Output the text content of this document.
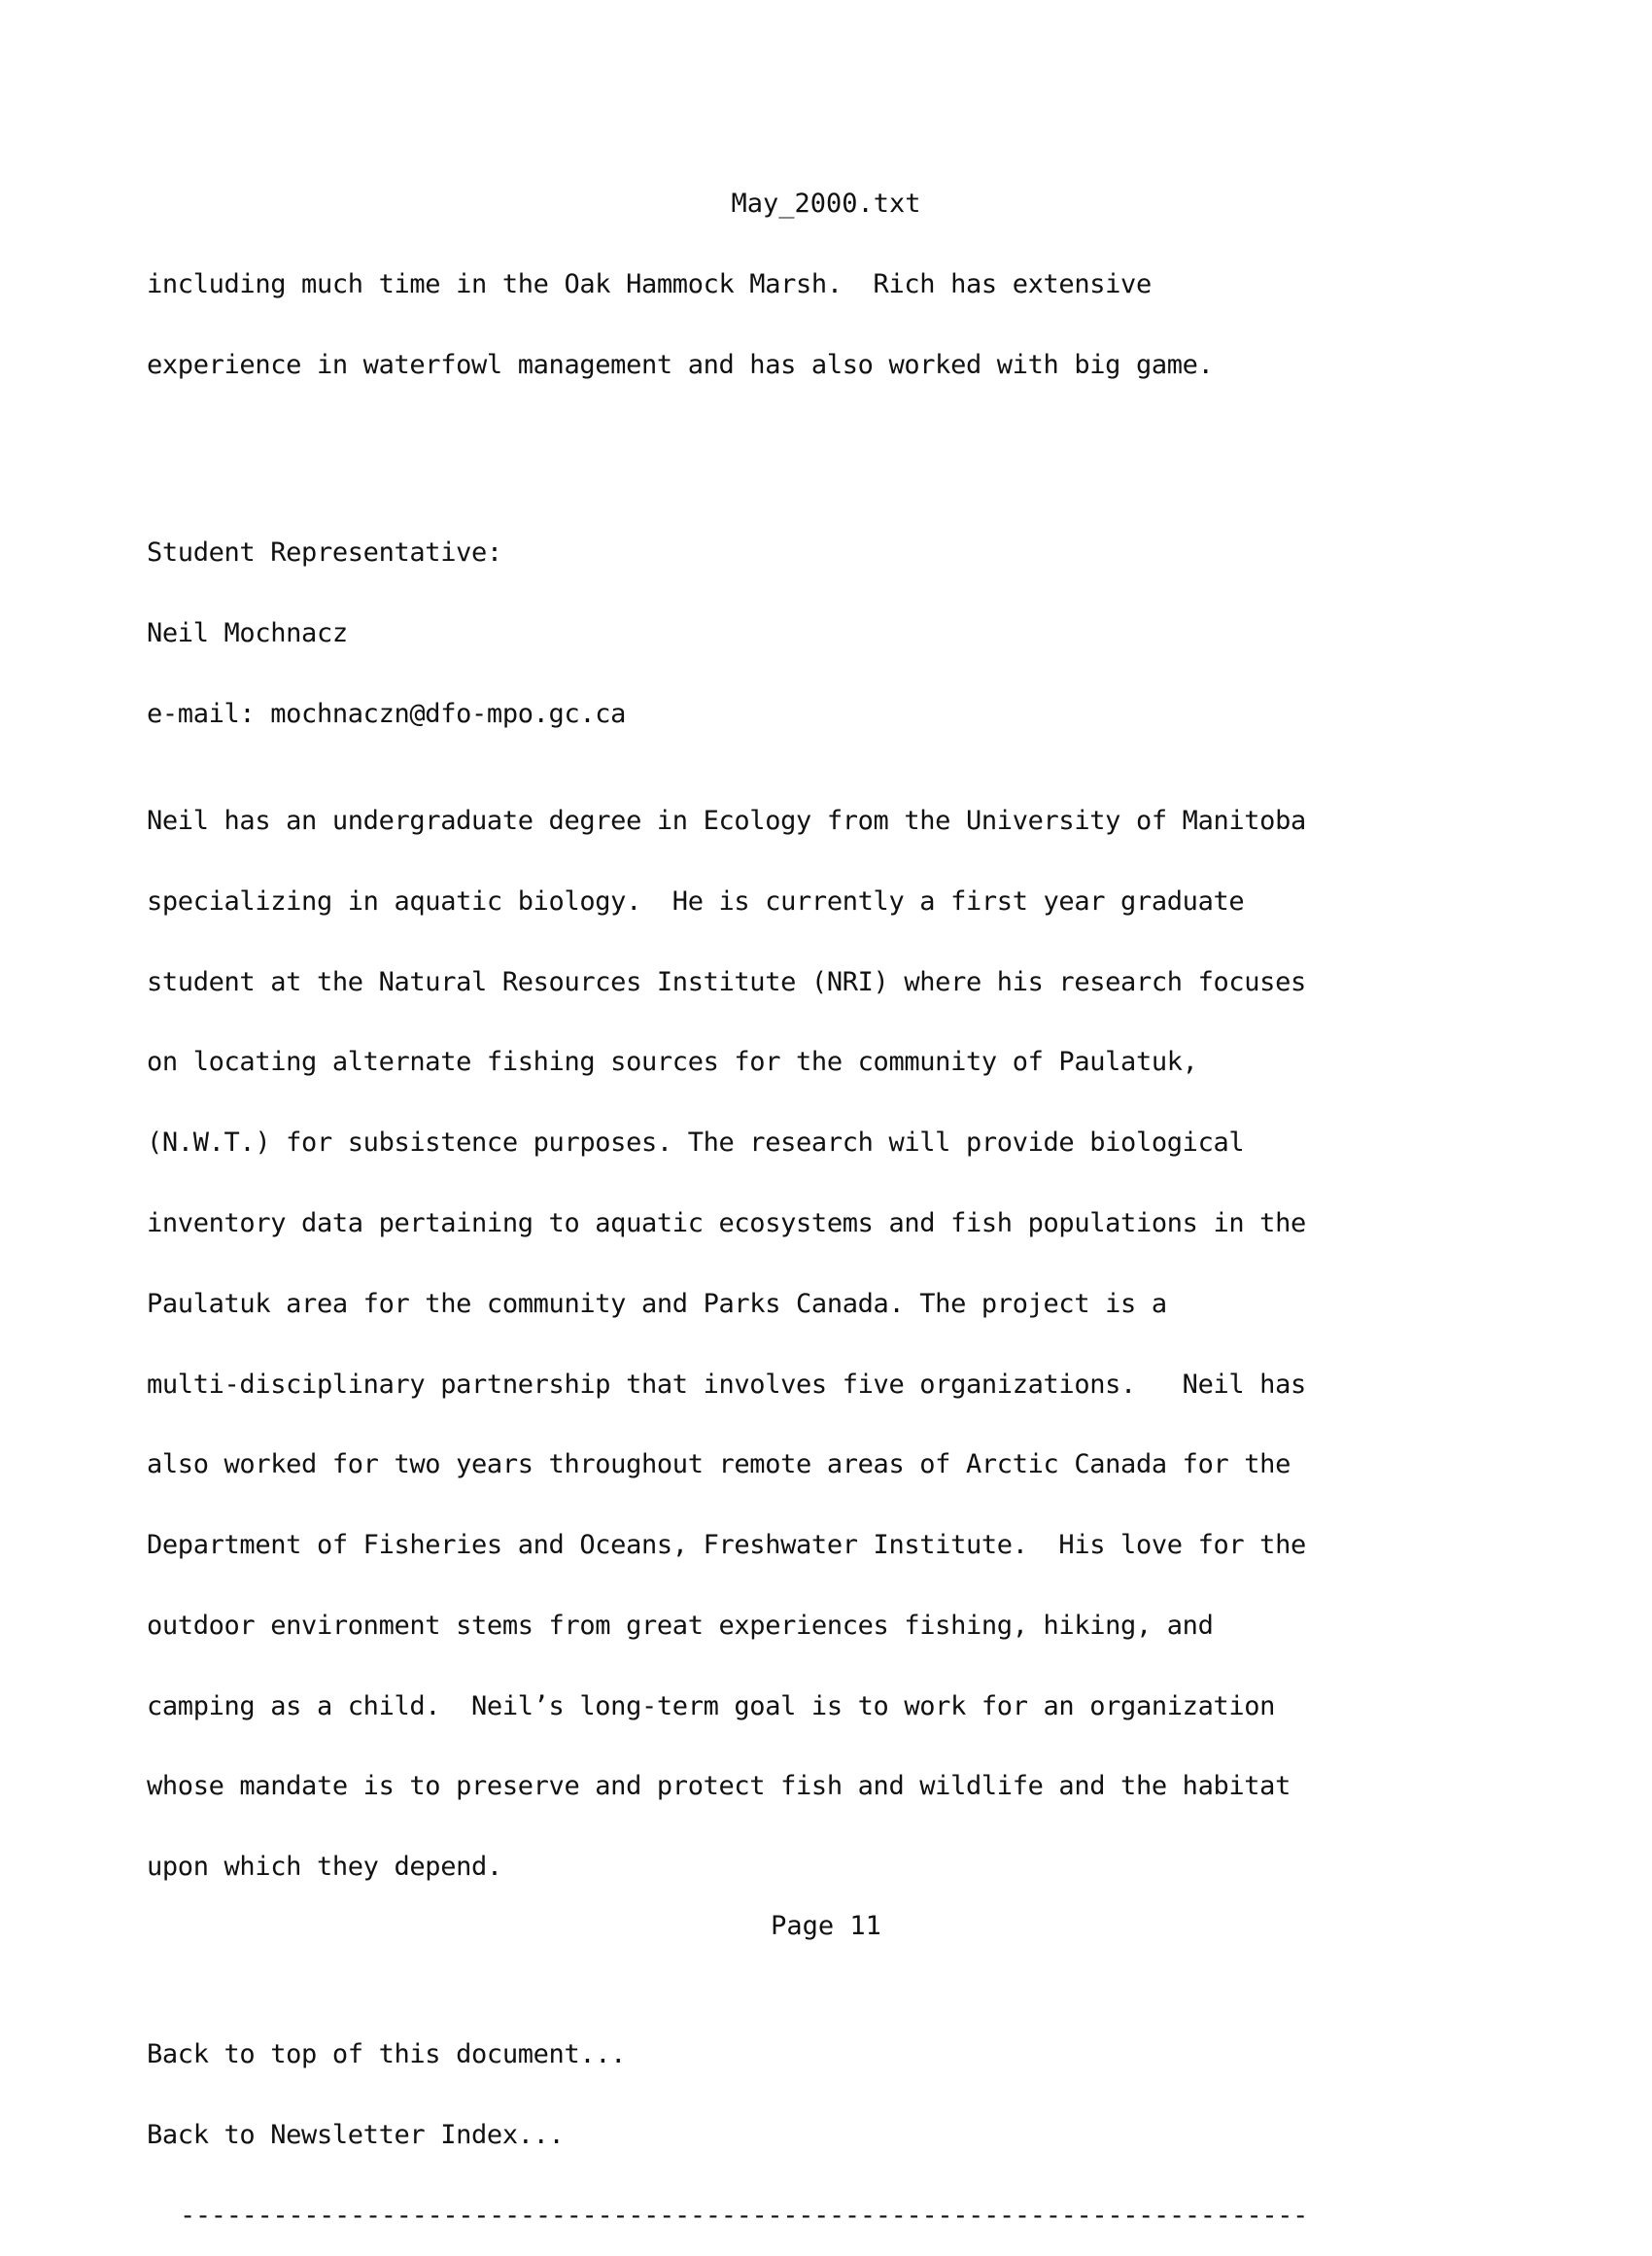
May_2000.txt

including much time in the Oak Hammock Marsh.  Rich has extensive

experience in waterfowl management and has also worked with big game.

Student Representative:

Neil Mochnacz

e-mail: mochnaczn@dfo-mpo.gc.ca

Neil has an undergraduate degree in Ecology from the University of Manitoba

specializing in aquatic biology.  He is currently a first year graduate

student at the Natural Resources Institute (NRI) where his research focuses

on locating alternate fishing sources for the community of Paulatuk,

(N.W.T.) for subsistence purposes. The research will provide biological

inventory data pertaining to aquatic ecosystems and fish populations in the

Paulatuk area for the community and Parks Canada. The project is a

multi-disciplinary partnership that involves five organizations.   Neil has

also worked for two years throughout remote areas of Arctic Canada for the

Department of Fisheries and Oceans, Freshwater Institute.  His love for the

outdoor environment stems from great experiences fishing, hiking, and

camping as a child.  Neil’s long-term goal is to work for an organization

whose mandate is to preserve and protect fish and wildlife and the habitat

upon which they depend.

Back to top of this document...

Back to Newsletter Index...

-------------------------------------------------------------------------

Page 11
